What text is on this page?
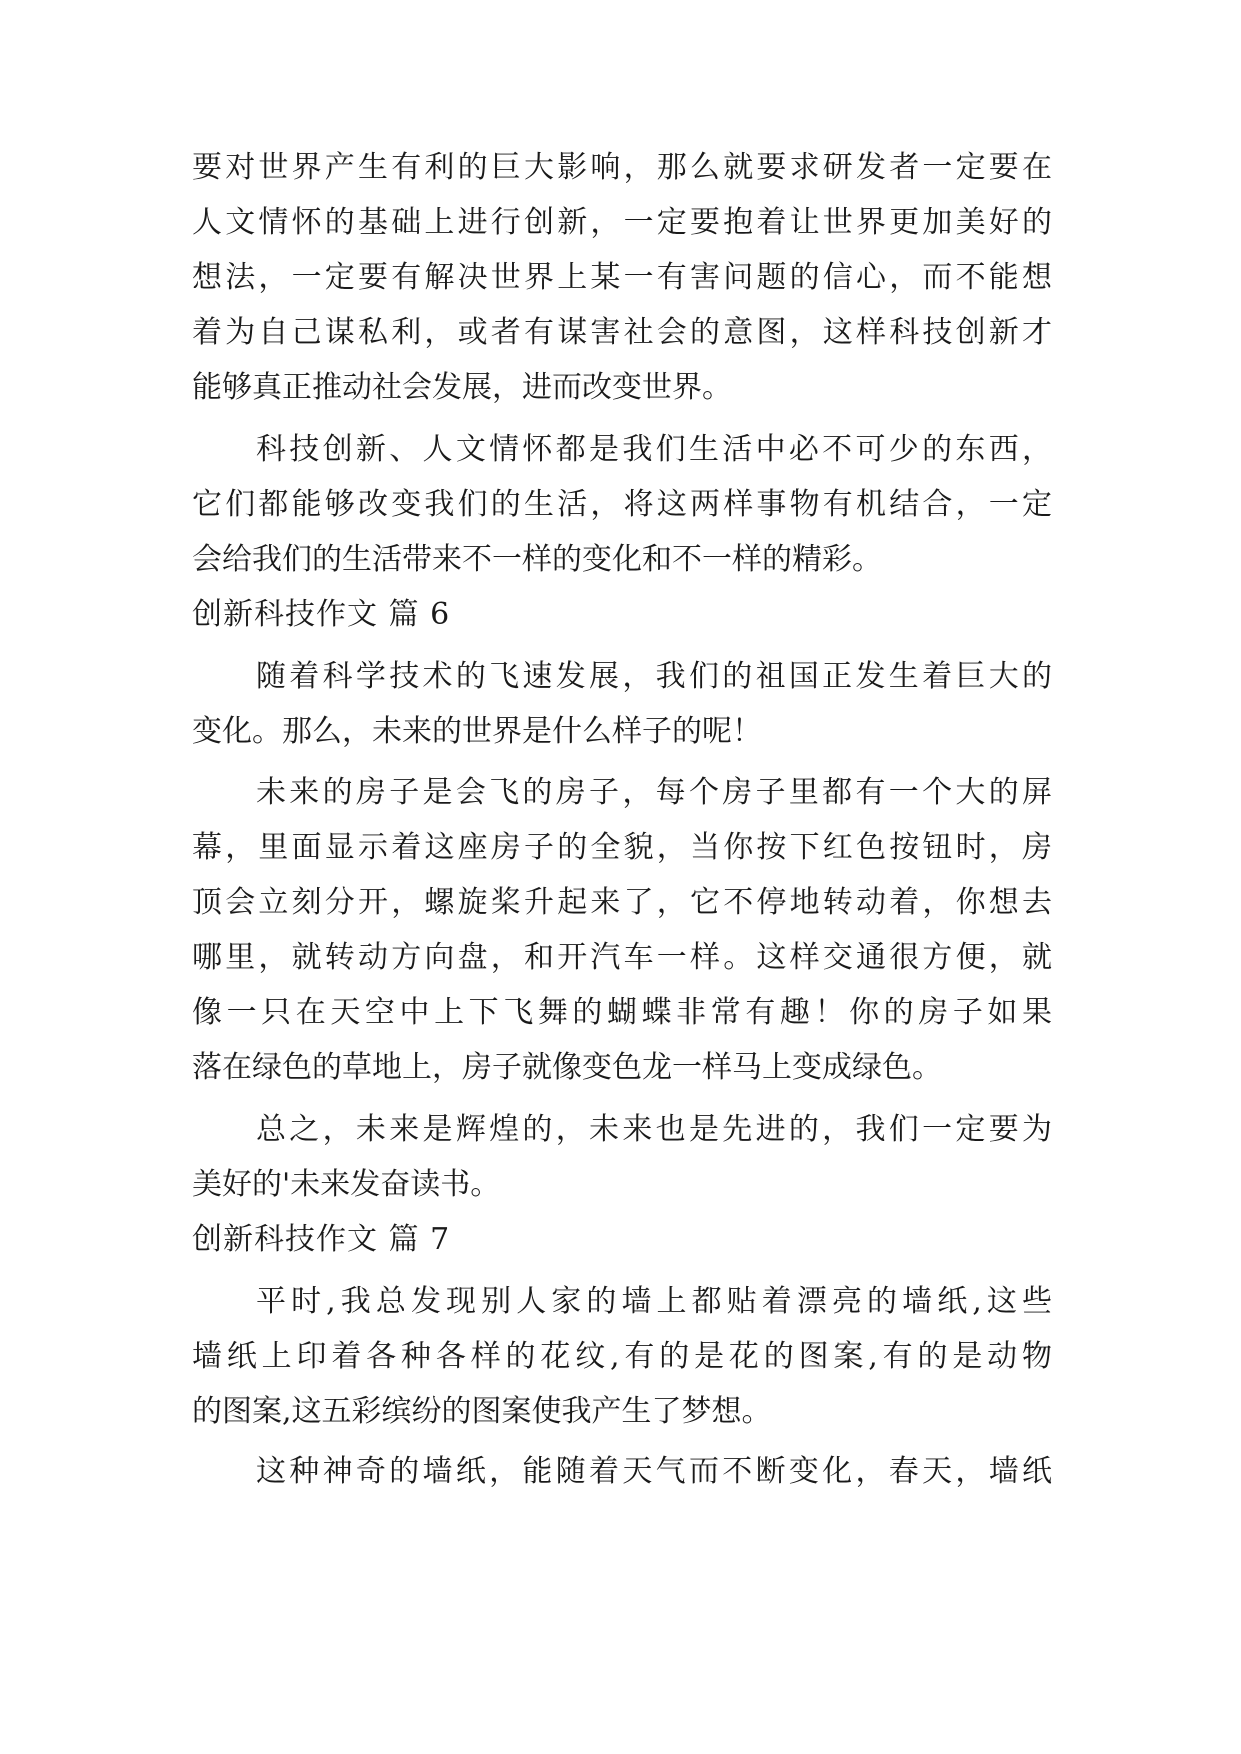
要对世界产生有利的巨大影响，那么就要求研发者一定要在
人文情怀的基础上进行创新，一定要抱着让世界更加美好的
想法，一定要有解决世界上某一有害问题的信心，而不能想
着为自己谋私利，或者有谋害社会的意图，这样科技创新才
能够真正推动社会发展，进而改变世界。
科技创新、人文情怀都是我们生活中必不可少的东西，
它们都能够改变我们的生活，将这两样事物有机结合，一定
会给我们的生活带来不一样的变化和不一样的精彩。
创新科技作文 篇 6
随着科学技术的飞速发展，我们的祖国正发生着巨大的
变化。那么，未来的世界是什么样子的呢！
未来的房子是会飞的房子，每个房子里都有一个大的屏
幕，里面显示着这座房子的全貌，当你按下红色按钮时，房
顶会立刻分开，螺旋桨升起来了，它不停地转动着，你想去
哪里，就转动方向盘，和开汽车一样。这样交通很方便，就
像一只在天空中上下飞舞的蝴蝶非常有趣！你的房子如果
落在绿色的草地上，房子就像变色龙一样马上变成绿色。
总之，未来是辉煌的，未来也是先进的，我们一定要为
美好的'未来发奋读书。
创新科技作文 篇 7
平时,我总发现别人家的墙上都贴着漂亮的墙纸,这些
墙纸上印着各种各样的花纹,有的是花的图案,有的是动物
的图案,这五彩缤纷的图案使我产生了梦想。
这种神奇的墙纸，能随着天气而不断变化，春天，墙纸
